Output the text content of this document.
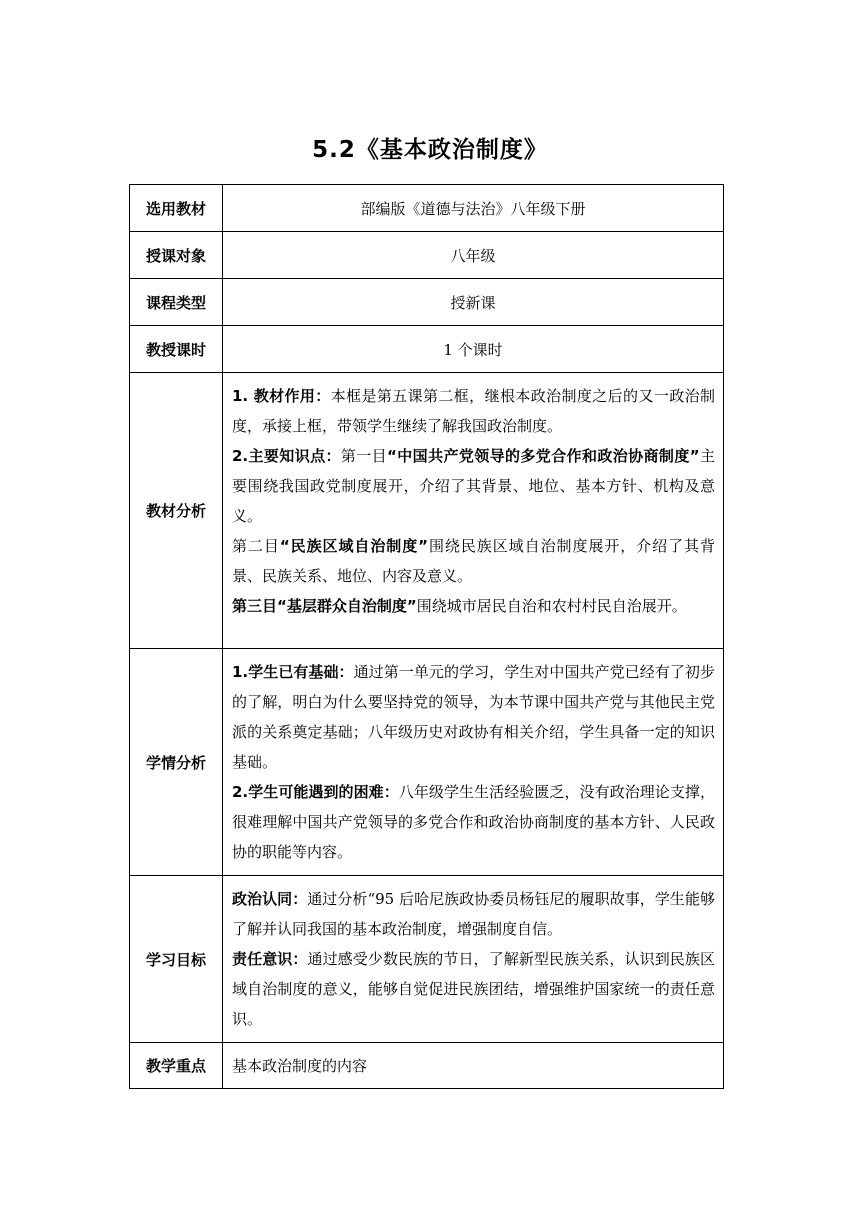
5.2《基本政治制度》
选用教材	部编版《道德与法治》八年级下册
授课对象	八年级
课程类型	授新课
教授课时	1 个课时
教材分析	1. 教材作用：本框是第五课第二框，继根本政治制度之后的又一政治制度，承接上框，带领学生继续了解我国政治制度。

2.主要知识点：第一目“中国共产党领导的多党合作和政治协商制度”主要围绕我国政党制度展开，介绍了其背景、地位、基本方针、机构及意义。

第二目“民族区域自治制度”围绕民族区域自治制度展开，介绍了其背景、民族关系、地位、内容及意义。

第三目“基层群众自治制度”围绕城市居民自治和农村村民自治展开。

学情分析	1.学生已有基础：通过第一单元的学习，学生对中国共产党已经有了初步的了解，明白为什么要坚持党的领导，为本节课中国共产党与其他民主党派的关系奠定基础；八年级历史对政协有相关介绍，学生具备一定的知识基础。

2.学生可能遇到的困难：八年级学生生活经验匮乏，没有政治理论支撑，很难理解中国共产党领导的多党合作和政治协商制度的基本方针、人民政协的职能等内容。

学习目标	政治认同：通过分析“95 后哈尼族政协委员杨钰尼的履职故事，学生能够了解并认同我国的基本政治制度，增强制度自信。

责任意识：通过感受少数民族的节日，了解新型民族关系，认识到民族区域自治制度的意义，能够自觉促进民族团结，增强维护国家统一的责任意识。

教学重点	基本政治制度的内容
